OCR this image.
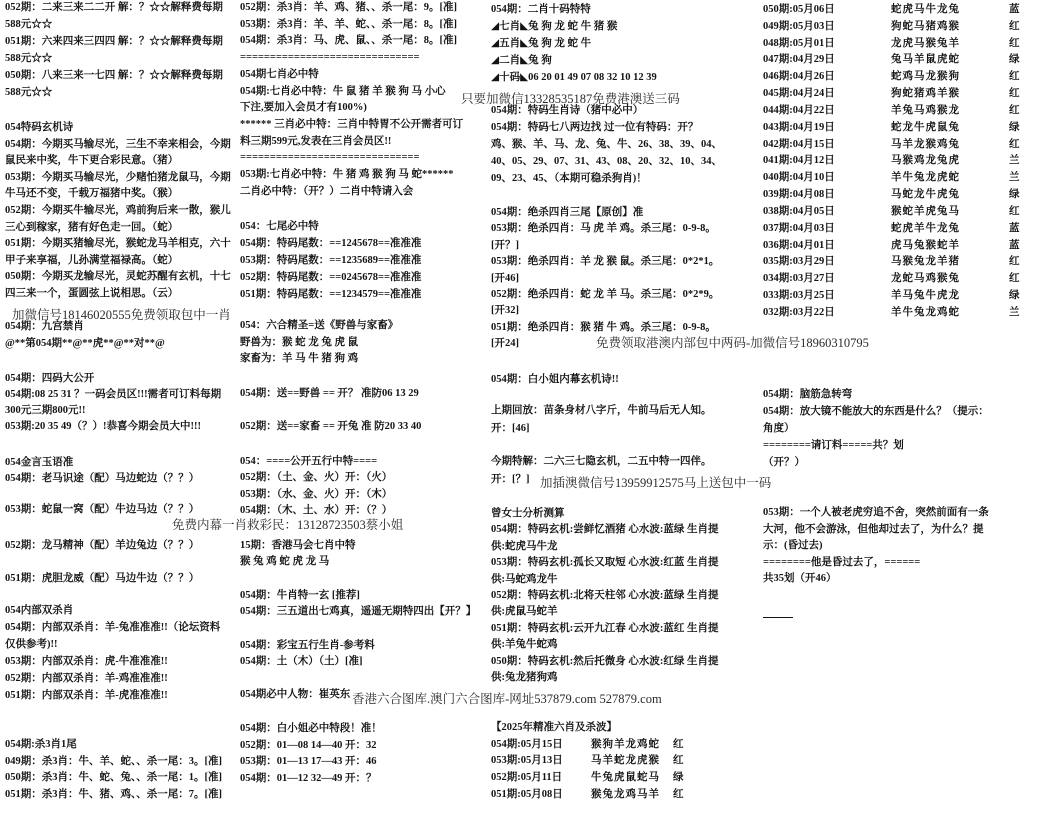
052期：二来三来二二开 解：？☆☆解释费每期
588元☆☆
051期：六来四来三四四 解：？☆☆解释费每期
588元☆☆
050期：八来三来一七四 解：？☆☆解释费每期
588元☆☆
054特码玄机诗
054期：今期买马输尽光，三生不幸来相会，今期
鼠民来中奖，牛下更合彩民意。（猪）
053期：今期买马输尽光，少赌怕猪龙鼠马，今期
牛马还不变，千载万福猪中奖。（猴）
052期：今期买牛输尽光，鸡前狗后来一散，猴儿
三心到稼家，猪有好色走一回。（蛇）
051期：今期买猪输尽光，猴蛇龙马羊相克，六十
甲子来享福，儿孙满堂福禄高。（蛇）
050期：今期买龙输尽光，灵蛇苏醒有玄机，十七
四三来一个，蛋圆弦上说相思。（云）
054期：九宫禁肖
@**第054期**@**虎**@**对**@
054期：四码大公开
054期:08 25 31 ？一码会员区!!!需者可订料每期
300元三期800元!!
053期:20 35 49（？）!恭喜今期会员大中!!!
054金言玉语准
054期：老马识途（配）马边蛇边（？？）
053期：蛇鼠一窝（配）牛边马边（？？）
052期：龙马精神（配）羊边兔边（？？）
051期：虎胆龙威（配）马边牛边（？？）
054内部双杀肖
054期：内部双杀肖：羊-兔准准准!!（论坛资料
仅供参考)!!
053期：内部双杀肖：虎-牛准准准!!
052期：内部双杀肖：羊-鸡准准准!!
051期：内部双杀肖：羊-虎准准准!!
054期:杀3肖1尾
049期：杀3肖：牛、羊、蛇、、杀一尾：3。[准]
050期：杀3肖：牛、蛇、兔、、杀一尾：1。[准]
051期：杀3肖：牛、猪、鸡、、杀一尾：7。[准]
052期：杀3肖：羊、鸡、猪、、杀一尾：9。[准]
053期：杀3肖：羊、羊、蛇、、杀一尾：8。[准]
054期：杀3肖：马、虎、鼠、、杀一尾：8。[准]
==============================
054期七肖必中特
054期:七肖必中特：牛 鼠 猪 羊 猴 狗 马 小心
下注,要加入会员才有100%)
****** 三肖必中特：三肖中特胃不公开需者可订
料三期599元,发表在三肖会员区!!
==============================
053期:七肖必中特：牛 猪 鸡 猴 狗 马 蛇******
二肖必中特：（开？）二肖中特请入会
054：七尾必中特
054期：特码尾数：==1245678==准准准
053期：特码尾数：==1235689==准准准
052期：特码尾数：==0245678==准准准
051期：特码尾数：==1234579==准准准
054：六合精圣=送《野兽与家畜》
野兽为：猴 蛇 龙 兔 虎 鼠
家畜为：羊 马 牛 猪 狗 鸡
054期：送==野兽 == 开？ 准防06 13 29
052期：送==家畜 == 开兔 准 防20 33 40
054：====公开五行中特====
052期：（土、金、火）开：（火）
053期：（水、金、火）开：（木）
054期：（木、土、水）开：（？）
15期：香港马会七肖中特
猴 兔 鸡 蛇 虎 龙 马
054期：牛肖特一玄 [推荐]
054期：三五道出七鸡真，遥遥无期特四出【开？】
054期：彩宝五行生肖-参考料
054期：土（木）（土）[准]
054期必中人物：崔英东
054期：白小姐必中特段！准！
052期：01—08 14—40 开：32
053期：01—13 17—43 开：46
054期：01—12 32—49 开：？
054期：二肖十码特特
◢七肖◣兔 狗 龙 蛇 牛 猪 猴
◢五肖◣兔 狗 龙 蛇 牛
◢二肖◣兔 狗
◢十码◣06 20 01 49 07 08 32 10 12 39
054期：特码生肖诗（猪中必中）
054期：特码七八两边找 过一位有特码：开？
鸡、猴、羊、马、龙、兔、牛、26、38、39、04、
40、05、29、07、31、43、08、20、32、10、34、
09、23、45、（本期可稳杀狗肖)！
054期：绝杀四肖三尾【原创】准
053期：绝杀四肖：马 虎 羊 鸡。杀三尾：0-9-8。
[开？]
053期：绝杀四肖：羊 龙 猴 鼠。杀三尾：0*2*1。
[开46]
052期：绝杀四肖：蛇 龙 羊 马。杀三尾：0*2*9。
[开32]
051期：绝杀四肖：猴 猪 牛 鸡。杀三尾：0-9-8。
[开24]
054期：白小姐内幕玄机诗!!
上期回放：苗条身材八字斤，牛前马后无人知。
开：[46]
今期特解：二六三七隐玄机，二五中特一四伴。
开：[？]
曾女士分析测算
054期：特码玄机:尝鲜忆酒猪 心水波:蓝绿 生肖提
供:蛇虎马牛龙
053期：特码玄机:孤长又取短 心水波:红蓝 生肖提
供:马蛇鸡龙牛
052期：特码玄机:北将天柱邻 心水波:蓝绿 生肖提
供:虎鼠马蛇羊
051期：特码玄机:云开九江春 心水波:蓝红 生肖提
供:羊兔牛蛇鸡
050期：特码玄机:然后托微身 心水波:红绿 生肖提
供:兔龙猪狗鸡
【2025年精准六肖及杀波】
054期:05月15日	猴狗羊龙鸡蛇	红
053期:05月13日	马羊蛇龙虎猴	红
052期:05月11日	牛兔虎鼠蛇马	绿
051期:05月08日	猴兔龙鸡马羊	红
050期:05月06日	蛇虎马牛龙兔	蓝
049期:05月03日	狗蛇马猪鸡猴	红
048期:05月01日	龙虎马猴兔羊	红
047期:04月29日	兔马羊鼠虎蛇	绿
046期:04月26日	蛇鸡马龙猴狗	红
045期:04月24日	狗蛇猪鸡羊猴	红
044期:04月22日	羊兔马鸡猴龙	红
043期:04月19日	蛇龙牛虎鼠兔	绿
042期:04月15日	马羊龙猴鸡兔	红
041期:04月12日	马猴鸡龙兔虎	兰
040期:04月10日	羊牛兔龙虎蛇	兰
039期:04月08日	马蛇龙牛虎兔	绿
038期:04月05日	猴蛇羊虎兔马	红
037期:04月03日	蛇虎羊牛龙兔	蓝
036期:04月01日	虎马兔猴蛇羊	蓝
035期:03月29日	马猴兔龙羊猪	红
034期:03月27日	龙蛇马鸡猴兔	红
033期:03月25日	羊马兔牛虎龙	绿
032期:03月22日	羊牛兔龙鸡蛇	兰
054期：脑筋急转弯
054期：放大镜不能放大的东西是什么？（提示：
角度）
========请订料=====共？划
（开？）
053期：一个人被老虎穷追不舍，突然前面有一条
大河，他不会游泳，但他却过去了，为什么？提
示：(昏过去)
========他是昏过去了，======
共35划（开46）
只要加微信13328535187免费港澳送三码
加微信号18146020555免费领取包中一肖
免费领取港澳内部包中两码-加微信号18960310795
加插澳微信号13959912575马上送包中一码
免费内幕一肖救彩民：13128723503蔡小姐
香港六合图库.澳门六合图库-网址537879.com 527879.com
